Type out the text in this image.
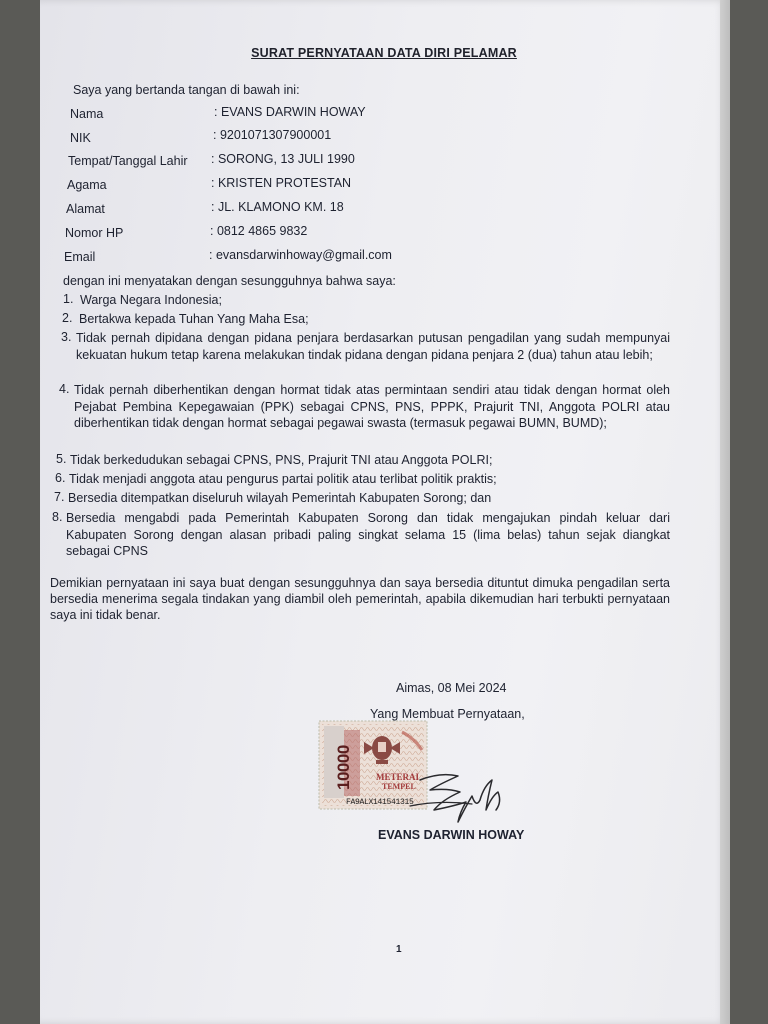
SURAT PERNYATAAN DATA DIRI PELAMAR
Saya yang bertanda tangan di bawah ini:
Nama	: EVANS DARWIN HOWAY
NIK	: 9201071307900001
Tempat/Tanggal Lahir : SORONG, 13 JULI 1990
Agama	: KRISTEN PROTESTAN
Alamat	: JL. KLAMONO KM. 18
Nomor HP	: 0812 4865 9832
Email	: evansdarwinhoway@gmail.com
dengan ini menyatakan dengan sesungguhnya bahwa saya:
1. Warga Negara Indonesia;
2. Bertakwa kepada Tuhan Yang Maha Esa;
3. Tidak pernah dipidana dengan pidana penjara berdasarkan putusan pengadilan yang sudah mempunyai kekuatan hukum tetap karena melakukan tindak pidana dengan pidana penjara 2 (dua) tahun atau lebih;
4. Tidak pernah diberhentikan dengan hormat tidak atas permintaan sendiri atau tidak dengan hormat oleh Pejabat Pembina Kepegawaian (PPK) sebagai CPNS, PNS, PPPK, Prajurit TNI, Anggota POLRI atau diberhentikan tidak dengan hormat sebagai pegawai swasta (termasuk pegawai BUMN, BUMD);
5. Tidak berkedudukan sebagai CPNS, PNS, Prajurit TNI atau Anggota POLRI;
6. Tidak menjadi anggota atau pengurus partai politik atau terlibat politik praktis;
7. Bersedia ditempatkan diseluruh wilayah Pemerintah Kabupaten Sorong; dan
8. Bersedia mengabdi pada Pemerintah Kabupaten Sorong dan tidak mengajukan pindah keluar dari Kabupaten Sorong dengan alasan pribadi paling singkat selama 15 (lima belas) tahun sejak diangkat sebagai CPNS
Demikian pernyataan ini saya buat dengan sesungguhnya dan saya bersedia dituntut dimuka pengadilan serta bersedia menerima segala tindakan yang diambil oleh pemerintah, apabila dikemudian hari terbukti pernyataan saya ini tidak benar.
Aimas, 08 Mei 2024
Yang Membuat Pernyataan,
10000	METERAI
TEMPEL
FA9ALX141541315
EVANS DARWIN HOWAY
1
